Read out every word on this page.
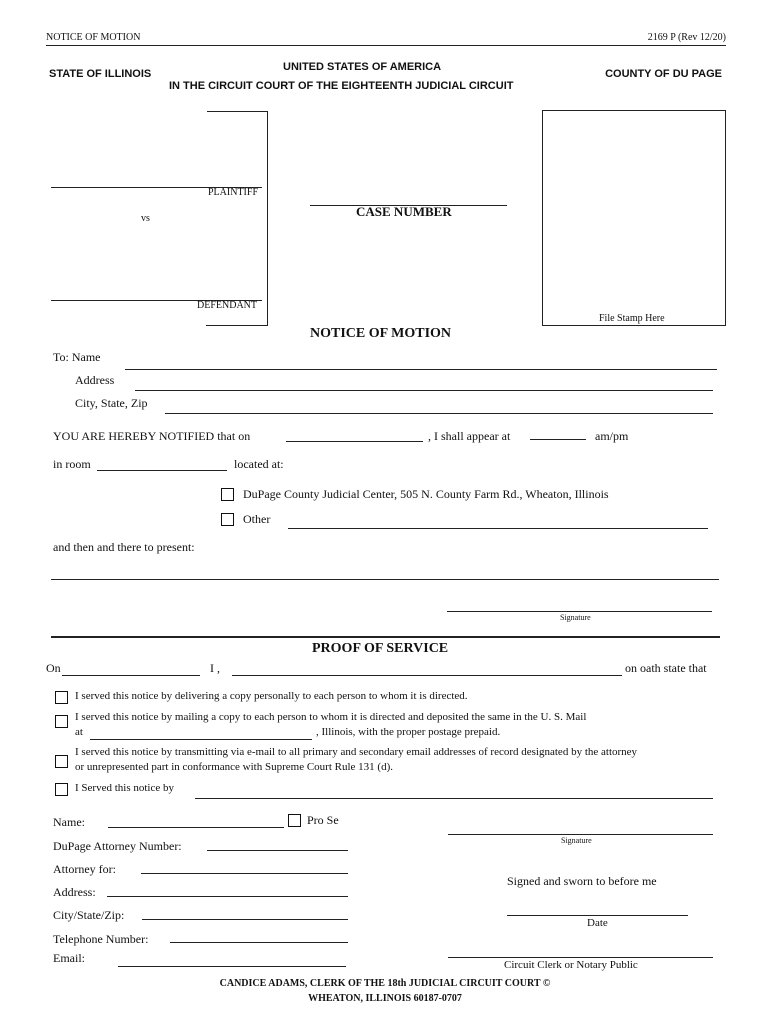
NOTICE OF MOTION	2169 P (Rev 12/20)
STATE OF ILLINOIS
UNITED STATES OF AMERICA
IN THE CIRCUIT COURT OF THE EIGHTEENTH JUDICIAL CIRCUIT
COUNTY OF DU PAGE
PLAINTIFF
vs
DEFENDANT
CASE NUMBER
File Stamp Here
NOTICE OF MOTION
To: Name
Address
City, State, Zip
YOU ARE HEREBY NOTIFIED that on	, I shall appear at	am/pm
in room	located at:
DuPage County Judicial Center, 505 N. County Farm Rd., Wheaton, Illinois
Other
and then and there to present:
Signature
PROOF OF SERVICE
On	I ,	on oath state that
I served this notice by delivering a copy personally to each person to whom it is directed.
I served this notice by mailing a copy to each person to whom it is directed and deposited the same in the U. S. Mail
at	, Illinois, with the proper postage prepaid.
I served this notice by transmitting via e-mail to all primary and secondary email addresses of record designated by the attorney
or unrepresented part in conformance with Supreme Court Rule 131 (d).
I Served this notice by
Name:	Pro Se
DuPage Attorney Number:
Attorney for:
Address:
City/State/Zip:
Telephone Number:
Email:
Signature
Signed and sworn to before me
Date
Circuit Clerk or Notary Public
CANDICE ADAMS, CLERK OF THE 18th JUDICIAL CIRCUIT COURT ©
WHEATON, ILLINOIS 60187-0707
